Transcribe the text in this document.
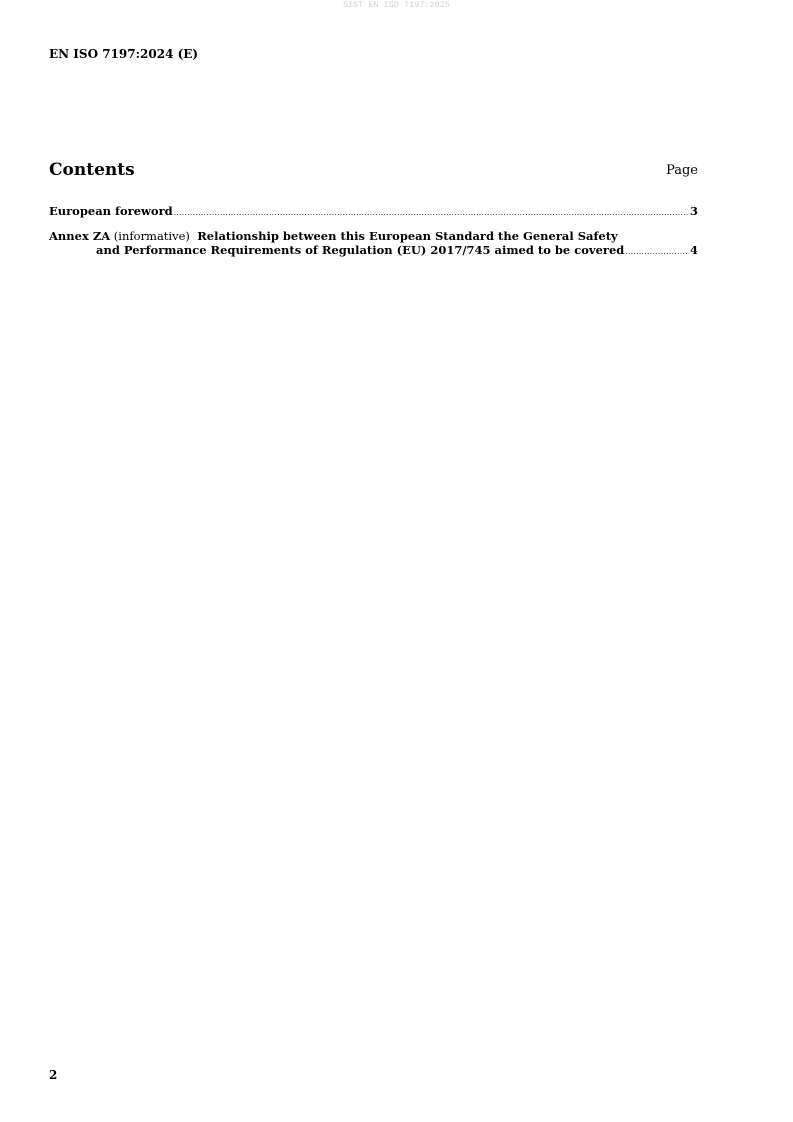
SIST EN ISO 7197:2025
EN ISO 7197:2024 (E)
Contents	Page
European foreword .....	3
Annex ZA
(informative)
Relationship between this European Standard the General Safety
and Performance Requirements of Regulation (EU) 2017/745 aimed to be covered .....	4
2
